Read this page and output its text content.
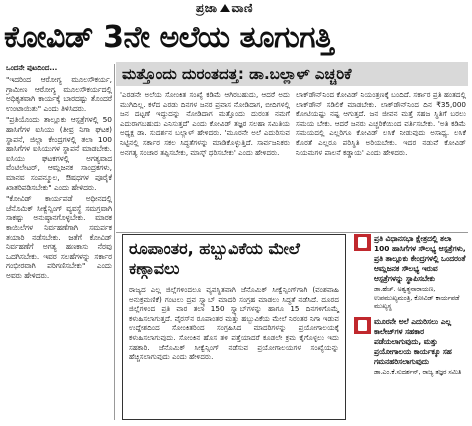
ಪ್ರಜಾ ವಾಣಿ
ಕೋವಿಡ್ 3ನೇ ಅಲೆಯ ತೂಗುಗತ್ತಿ
ಒಂದನೇ ಪುಟದಿಂದ...

"ಇದರಿಂದ ಆರೋಗ್ಯ ಮೂಲಸೌಕರ್ಯ, ಗ್ರಾಮೀಣ ಆರೋಗ್ಯ ಮೂಲಸೌಕರ್ಯದಲ್ಲಿ ಅಧಿಕೃತವಾಗಿ ಕಾರ್ಯಕ್ಕೆ ಬಾರದಷ್ಟು ತೊಂದರೆ ಉಂಟಾಯಿತು" ಎಂದು ತಿಳಿಸಿದರು.

"ಪ್ರತಿಯೊಂದು ತಾಲ್ಲೂಕು ಆಸ್ಪತ್ರೆಗಳಲ್ಲಿ 50 ಹಾಸಿಗೆಗಳ ಐಸಿಯು (ತೀವ್ರ ನಿಗಾ ಘಟಕ) ಸ್ಥಾಪನೆ, ಜಿಲ್ಲಾ ಕೇಂದ್ರಗಳಲ್ಲಿ ತಲಾ 100 ಹಾಸಿಗೆಗಳ ಐಸಿಯುಗಳ ಸ್ಥಾಪನೆ ಮಾಡಬೇಕು. ಐಸಿಯು ಘಟಕಗಳಲ್ಲಿ ಅಗತ್ಯವಾದ ವೆಂಟಿಲೇಟರ್, ಆಮ್ಲಜನಕ ಸಾಂದ್ರಕಗಳು, ಮಾನವ ಸಂಪನ್ಮೂಲ, ಔಷಧಗಳ ಪೂರೈಕೆ ಖಾತರಿಪಡಿಸಬೇಕು" ಎಂದು ಹೇಳಿದರು.

"ಕೋವಿಡ್ ಕಾರ್ಯಪಡೆ ಅಧೀನದಲ್ಲಿ ಜೆನೊಮಿಕ್ ಸೀಕ್ವೆನ್ಸಿಂಗ್ ವ್ಯವಸ್ಥೆ ಸಮಗ್ರವಾಗಿ ಸಾಕಷ್ಟು ಅನುಷ್ಠಾನಗೊಳ್ಳಬೇಕು. ಮಾರಕ ಕಾಯಿಲೆಗಳ ನಿರ್ವಹಣೆಗಾಗಿ ಸಮರ್ಪಕ ತಯಾರಿ ನಡೆಸಬೇಕು. ಜತೆಗೆ ಕೋವಿಡ್ ನಿರ್ವಹಣೆಗೆ ಅಗತ್ಯ ಹಣಕಾಸು ನೆರವು ಒದಗಿಸಬೇಕು. ಇವರ ಸಲಹೆಗಳನ್ನು ಸರ್ಕಾರ ಗಂಭೀರವಾಗಿ ಪರಿಗಣಿಸಬೇಕು" ಎಂದು ಅವರು ಹೇಳಿದರು.

ಮತ್ತೊಂದು ದುರಂತದತ್ತ: ಡಾ.ಬಲ್ಲಾಳ್ ಎಚ್ಚರಿಕೆ
'ಎರಡನೇ ಅಲೆಯ ಸೋಂಕಿತ ಸಂಖ್ಯೆ ಕಡಿಮೆ ಆಗಿರಬಹುದು, ಆದರೆ ಅದು ಮುಗಿದಿಲ್ಲ. ಕಳೆದ ಎರಡು ದಿನಗಳ ಜನರ ಪ್ರವಾಸ ನೋಡಿದಾಗ, ಬೀದಿಗಳಲ್ಲಿ ಜನ ದಟ್ಟಣೆ ಇದ್ದುದನ್ನು ನೋಡಿದಾಗ ಮತ್ತೊಂದು ದುರಂತ ನಮಗೆ ಎದುರಾಗಬಹುದು ಎನಿಸುತ್ತದೆ' ಎಂದು ಕೋವಿಡ್ ತಜ್ಞರ ಸಲಹಾ ಸಮಿತಿಯ ಅಧ್ಯಕ್ಷ ಡಾ. ಸುದರ್ಶನ ಬಲ್ಲಾಳ್ ಹೇಳಿದರು. 'ಮೂರನೇ ಅಲೆ ಎದುರಿಸುವ ನಿಟ್ಟಿನಲ್ಲಿ ಸರ್ಕಾರ ಸಕಲ ಸಿದ್ಧತೆಗಳನ್ನು ಮಾಡಿಕೊಳ್ಳುತ್ತಿದೆ. ಸಾರ್ವಜನಿಕರು ಅನಗತ್ಯ ಸಂಚಾರ ತಪ್ಪಿಸಬೇಕು, ಮಾಸ್ಕ್ ಧರಿಸಬೇಕು' ಎಂದು ಹೇಳಿದರು.
ಲಾಕ್‌ಡೌನ್‌ನಿಂದ ಕೋವಿಡ್ ನಿಯಂತ್ರಣಕ್ಕೆ ಬಂದಿದೆ. ಸರ್ಕಾರ ಪ್ರತಿ ಹಂತದಲ್ಲಿ ಲಾಕ್‌ಡೌನ್ ಸಡಿಲಿಕೆ ಮಾಡಬೇಕು. ಲಾಕ್‌ಡೌನ್‌ನಿಂದ ದಿನ ₹35,000 ಕೋಟಿಯಷ್ಟು ನಷ್ಟ ಆಗುತ್ತದೆ. ಜನ ಜೀವನ ಮತ್ತೆ ಸಹಜ ಸ್ಥಿತಿಗೆ ಬರಲು ಸಮಯ ಬೇಕು. ಆದರೆ ಜನರು ಎಚ್ಚರಿಕೆಯಿಂದ ವರ್ತಿಸಬೇಕು. 'ಅತಿ ಕಡಿಮೆ ಸಮಯದಲ್ಲಿ ಎಲ್ಲರಿಗೂ ಕೋವಿಡ್ ಲಸಿಕೆ ನೀಡುವುದು ಅಸಾಧ್ಯ. ಲಸಿಕೆ ಕೊರತೆ ಎಲ್ಲರೂ ಪರಿಸ್ಥಿತಿ ಅರಿಯಬೇಕು. ಇದರ ನಡುವೆ ಕೋವಿಡ್ ನಿಯಮಗಳ ಪಾಲನೆ ಕಡ್ಡಾಯ' ಎಂದು ಹೇಳಿದರು.
ರೂಪಾಂತರ, ಹಬ್ಬುವಿಕೆಯ ಮೇಲೆ ಕಣ್ಗಾವಲು
ರಾಜ್ಯದ ಎಲ್ಲ ಜಿಲ್ಲೆಗಳಿಂದಲೂ ವ್ಯವಸ್ಥಿತವಾಗಿ ಜೆನೊಮಿಕ್ ಸೀಕ್ವೆನ್ಸಿಂಗ್‌ಗಾಗಿ (ವಂಶವಾಹಿ ಅನುಕ್ರಮಣಿಕೆ) ಗಂಟಲು ದ್ರವ ಸ್ವ್ಯಾಬ್ ಮಾದರಿ ಸಂಗ್ರಹ ಮಾಡಲು ಸಿದ್ಧತೆ ನಡೆಸಿದೆ. ದೂರದ ಜಿಲ್ಲೆಗಳಿಂದ ಪ್ರತಿ ವಾರ ತಲಾ 150 ಸ್ವ್ಯಾಬ್‌ಗಳನ್ನು ಹಾಗೂ 15 ದಿನಗಳಿಗೊಮ್ಮೆ ಕಳುಹಿಸಲಾಗುತ್ತದೆ. ವೈರಸ್‌ನ ರೂಪಾಂತರ ಮತ್ತು ಹಬ್ಬುವಿಕೆಯ ಮೇಲೆ ನಿರಂತರ ನಿಗಾ ಇಡುವ ಉದ್ದೇಶದಿಂದ ಸೋಂಕಿತರಿಂದ ಸಂಗ್ರಹಿಸಿದ ಮಾದರಿಗಳನ್ನು ಪ್ರಯೋಗಾಲಯಕ್ಕೆ ಕಳುಹಿಸಲಾಗುವುದು. ಸೋಂಕಿನ ಹೊಸ ತಳಿ ಪತ್ತೆಯಾದರೆ ಕೂಡಲೇ ಕ್ರಮ ಕೈಗೊಳ್ಳಲು ಇದು ಸಹಕಾರಿ. ಜೆನೊಮಿಕ್ ಸೀಕ್ವೆನ್ಸಿಂಗ್ ನಡೆಸುವ ಪ್ರಯೋಗಾಲಯಗಳ ಸಂಖ್ಯೆಯನ್ನು ಹೆಚ್ಚಿಸಲಾಗುವುದು ಎಂದು ಹೇಳಿದರು.
ಪ್ರತಿ ವಿಧಾನಸಭಾ ಕ್ಷೇತ್ರದಲ್ಲಿ ತಲಾ 100 ಹಾಸಿಗೆಗಳ ಸೌಲಭ್ಯ ಆಸ್ಪತ್ರೆಗಳು, ಪ್ರತಿ ತಾಲ್ಲೂಕು ಕೇಂದ್ರಗಳಲ್ಲಿ ಒಂದರಂತೆ ಆಮ್ಲಜನಕ ಸೌಲಭ್ಯ ಇರುವ ಆಸ್ಪತ್ರೆಗಳನ್ನು ಸ್ಥಾಪಿಸಬೇಕು
ಡಾ.ಹೆಚ್. ಅಶ್ವತ್ಥನಾರಾಯಣ, ಉಪಮುಖ್ಯಮಂತ್ರಿ, ಕೋವಿಡ್ ಕಾರ್ಯಪಡೆ ಮುಖ್ಯಸ್ಥ
ಮೂರನೇ ಅಲೆ ಎದುರಿಸಲು ಎಲ್ಲ ಕಾಲೇಜ್‌ಗಳ ಸಹಕಾರ ಪಡೆಯಲಾಗುವುದು, ಮತ್ತು ಪ್ರಯೋಗಾಲಯ ಕಾರ್ಯಕ್ಕೂ ಸಹ ಗಮನಹರಿಸಲಾಗುವುದು
ಡಾ.ಎಂ.ಕೆ.ಸುದರ್ಶನ್, ರಾಜ್ಯ ತಜ್ಞರ ಸಮಿತಿ
